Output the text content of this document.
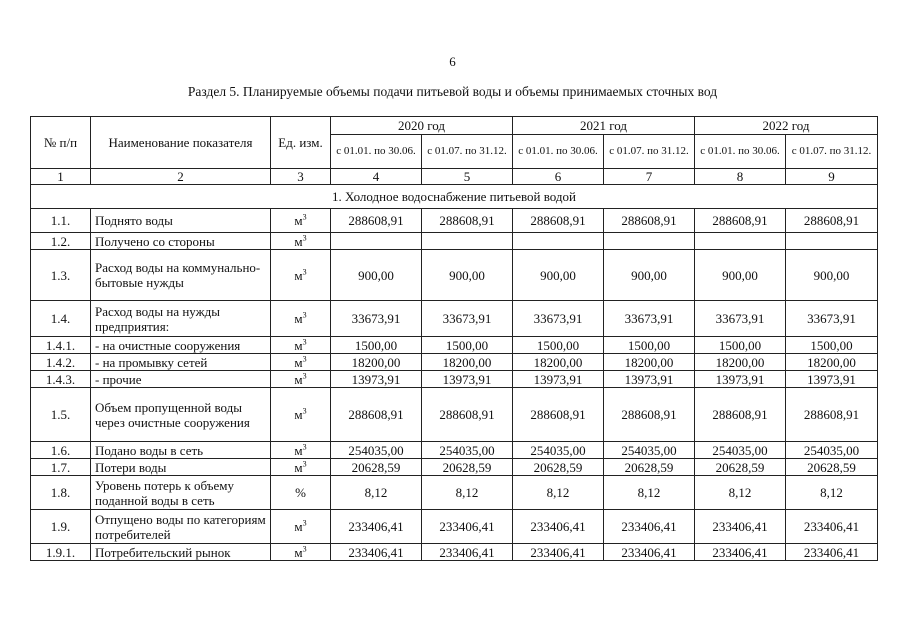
6
Раздел 5. Планируемые объемы подачи питьевой воды и объемы принимаемых сточных вод
№ п/п	Наименование показателя	Ед. изм.	2020 год		2021 год		2022 год	
			с 01.01. по 30.06.	с 01.07. по 31.12.	с 01.01. по 30.06.	с 01.07. по 31.12.	с 01.01. по 30.06.	с 01.07. по 31.12.
1	2	3	4	5	6	7	8	9
1. Холодное водоснабжение питьевой водой								
1.1.	Поднято воды	$м^3$	288608,91	288608,91	288608,91	288608,91	288608,91	288608,91
1.2.	Получено со стороны	$м^3$						
1.3.	Расход воды на коммунально-бытовые нужды	$м^3$	900,00	900,00	900,00	900,00	900,00	900,00
1.4.	Расход воды на нужды предприятия:	$м^3$	33673,91	33673,91	33673,91	33673,91	33673,91	33673,91
1.4.1.	- на очистные сооружения	$м^3$	1500,00	1500,00	1500,00	1500,00	1500,00	1500,00
1.4.2.	- на промывку сетей	$м^3$	18200,00	18200,00	18200,00	18200,00	18200,00	18200,00
1.4.3.	- прочие	$м^3$	13973,91	13973,91	13973,91	13973,91	13973,91	13973,91
1.5.	Объем пропущенной воды через очистные сооружения	$м^3$	288608,91	288608,91	288608,91	288608,91	288608,91	288608,91
1.6.	Подано воды в сеть	$м^3$	254035,00	254035,00	254035,00	254035,00	254035,00	254035,00
1.7.	Потери воды	$м^3$	20628,59	20628,59	20628,59	20628,59	20628,59	20628,59
1.8.	Уровень потерь к объему поданной воды в сеть	%	8,12	8,12	8,12	8,12	8,12	8,12
1.9.	Отпущено воды по категориям потребителей	$м^3$	233406,41	233406,41	233406,41	233406,41	233406,41	233406,41
1.9.1.	Потребительский рынок	$м^3$	233406,41	233406,41	233406,41	233406,41	233406,41	233406,41
